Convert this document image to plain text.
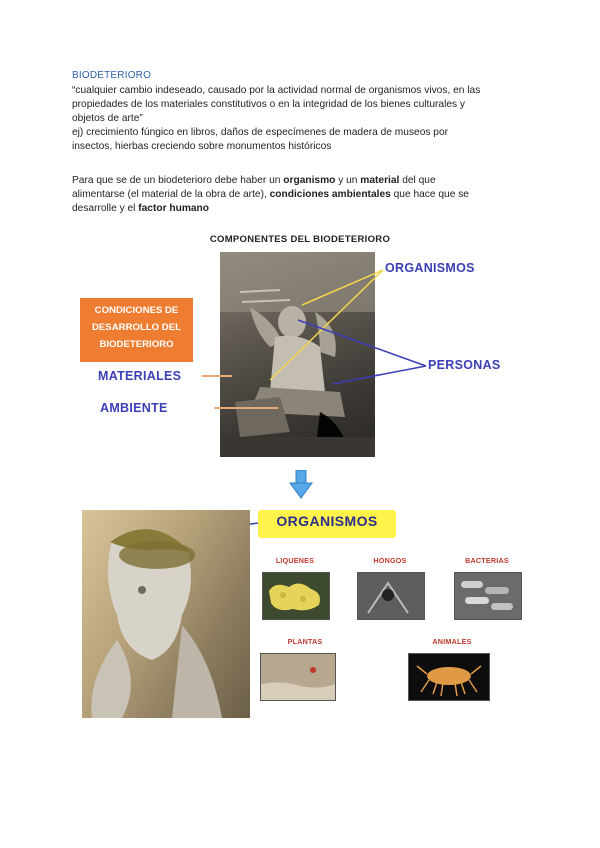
BIODETERIORO
“cualquier cambio indeseado, causado por la actividad normal de organismos vivos, en las
propiedades de los materiales constitutivos o en la integridad de los bienes culturales y
objetos de arte”
ej) crecimiento fúngico en libros, daños de especímenes de madera de museos por
insectos, hierbas creciendo sobre monumentos históricos
Para que se de un biodeterioro debe haber un organismo y un material del que
alimentarse (el material de la obra de arte), condiciones ambientales que hace que se
desarrolle y el factor humano
COMPONENTES DEL BIODETERIORO
CONDICIONES DE
DESARROLLO DEL
BIODETERIORO
ORGANISMOS
PERSONAS
MATERIALES
AMBIENTE
ORGANISMOS
LIQUENES	HONGOS	BACTERIAS
PLANTAS	ANIMALES
